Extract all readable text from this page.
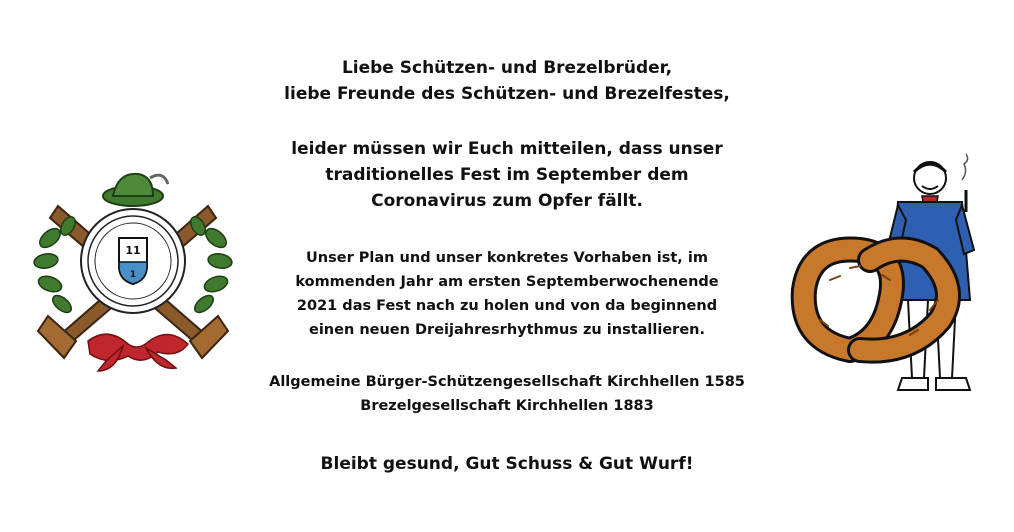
11
1
Liebe Schützen- und Brezelbrüder,
liebe Freunde des Schützen- und Brezelfestes,
leider müssen wir Euch mitteilen, dass unser
traditionelles Fest im September dem
Coronavirus zum Opfer fällt.
Unser Plan und unser konkretes Vorhaben ist, im
kommenden Jahr am ersten Septemberwochenende
2021 das Fest nach zu holen und von da beginnend
einen neuen Dreijahresrhythmus zu installieren.
Allgemeine Bürger-Schützengesellschaft Kirchhellen 1585
Brezelgesellschaft Kirchhellen 1883
Bleibt gesund, Gut Schuss & Gut Wurf!
